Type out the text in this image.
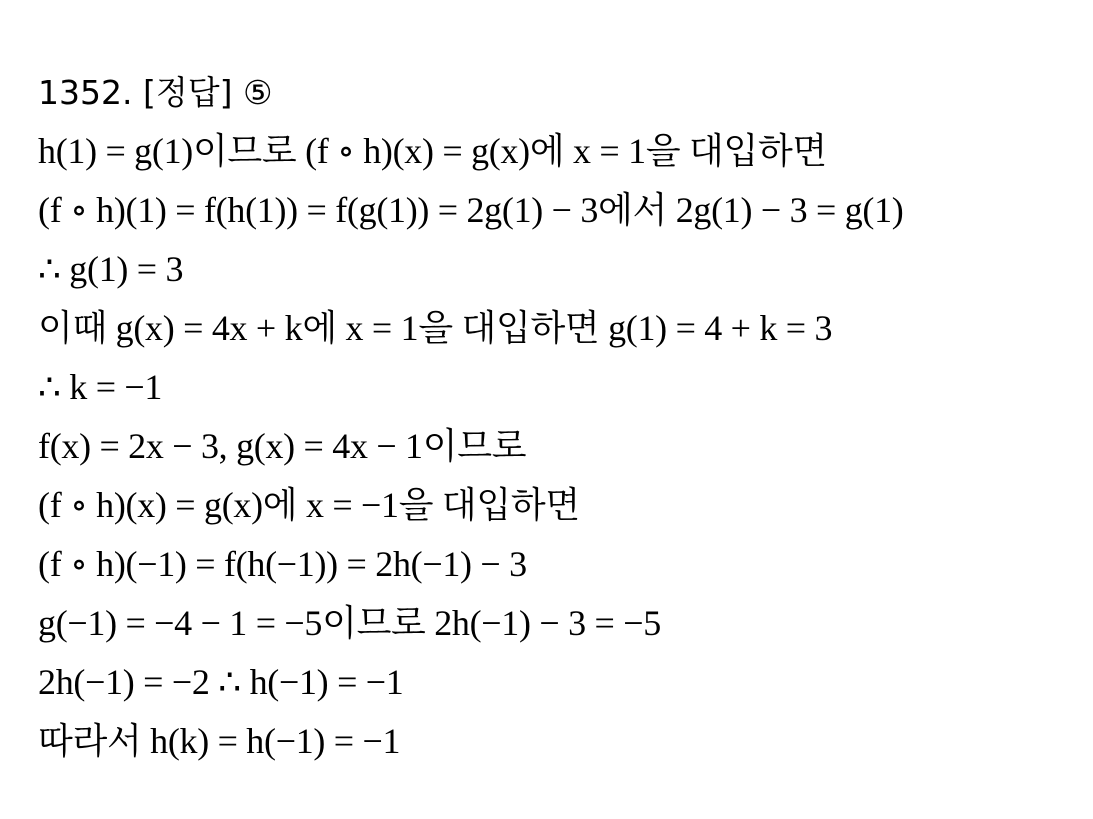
1352. [정답] ⑤
h(1) = g(1)이므로 (f ∘ h)(x) = g(x)에 x = 1을 대입하면
(f ∘ h)(1) = f(h(1)) = f(g(1)) = 2g(1) − 3에서 2g(1) − 3 = g(1)
∴ g(1) = 3
이때 g(x) = 4x + k에 x = 1을 대입하면 g(1) = 4 + k = 3
∴ k = −1
f(x) = 2x − 3, g(x) = 4x − 1이므로
(f ∘ h)(x) = g(x)에 x = −1을 대입하면
(f ∘ h)(−1) = f(h(−1)) = 2h(−1) − 3
g(−1) = −4 − 1 = −5이므로 2h(−1) − 3 = −5
2h(−1) = −2 ∴ h(−1) = −1
따라서 h(k) = h(−1) = −1
